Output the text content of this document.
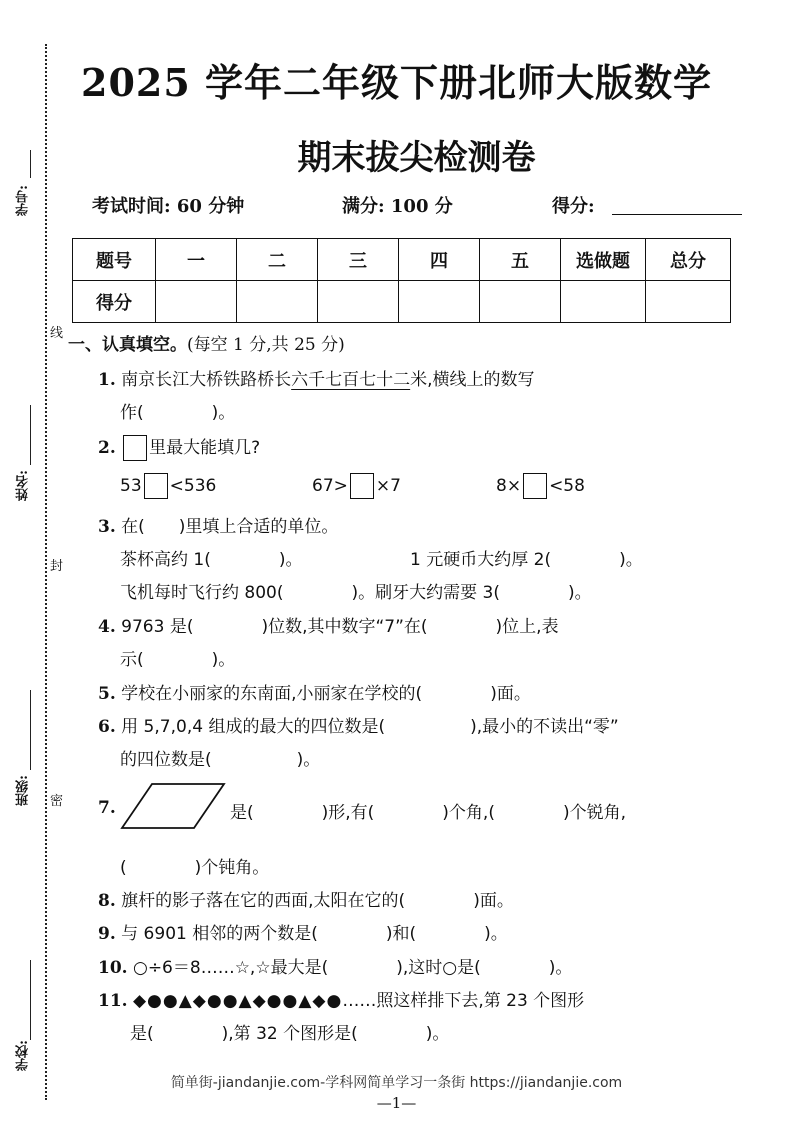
学号:
姓名:
班级:
学校:
线
封
密
2025 学年二年级下册北师大版数学
期末拔尖检测卷
考试时间: 60 分钟	满分: 100 分	得分:
题号	一	二	三	四	五	选做题	总分
得分							
一、认真填空。(每空 1 分,共 25 分)
1. 南京长江大桥铁路桥长六千七百七十二米,横线上的数写
作(　　　　)。
2. 里最大能填几?
53 <536	67> ×7	8× <58
3. 在(　　)里填上合适的单位。
茶杯高约 1(　　　　)。	1 元硬币大约厚 2(　　　　)。
飞机每时飞行约 800(　　　　)。刷牙大约需要 3(　　　　)。
4. 9763 是(　　　　)位数,其中数字“7”在(　　　　)位上,表
示(　　　　)。
5. 学校在小丽家的东南面,小丽家在学校的(　　　　)面。
6. 用 5,7,0,4 组成的最大的四位数是(　　　　　),最小的不读出“零”
的四位数是(　　　　　)。
7.	是(　　　　)形,有(　　　　)个角,(　　　　)个锐角,
(　　　　)个钝角。
8. 旗杆的影子落在它的西面,太阳在它的(　　　　)面。
9. 与 6901 相邻的两个数是(　　　　)和(　　　　)。
10. ○÷6＝8……☆,☆最大是(　　　　),这时○是(　　　　)。
11. ◆●●▲◆●●▲◆●●▲◆●……照这样排下去,第 23 个图形
是(　　　　),第 32 个图形是(　　　　)。
简单街-jiandanjie.com-学科网简单学习一条街 https://jiandanjie.com
—1—
